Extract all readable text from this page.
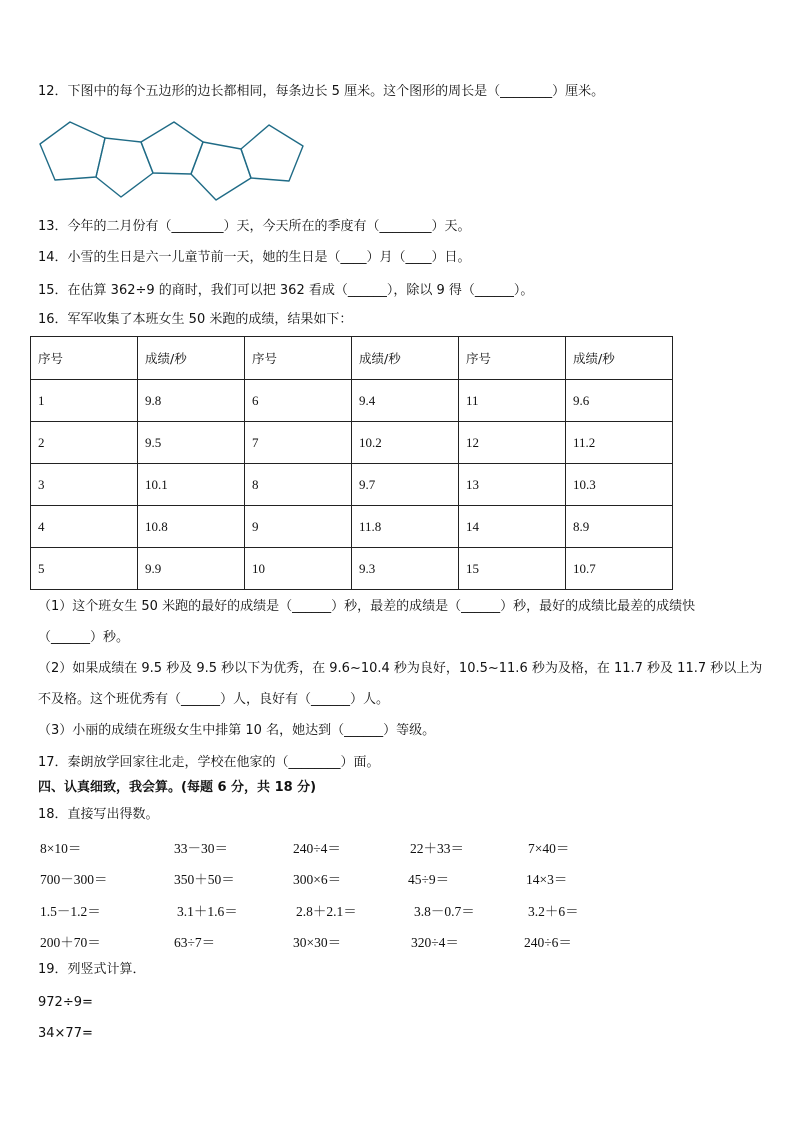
12．下图中的每个五边形的边长都相同，每条边长 5 厘米。这个图形的周长是（________）厘米。
13．今年的二月份有（________）天，今天所在的季度有（________）天。
14．小雪的生日是六一儿童节前一天，她的生日是（____）月（____）日。
15．在估算 362÷9 的商时，我们可以把 362 看成（______），除以 9 得（______）。
16．军军收集了本班女生 50 米跑的成绩，结果如下：
序号	成绩/秒	序号	成绩/秒	序号	成绩/秒
1	9.8	6	9.4	11	9.6
2	9.5	7	10.2	12	11.2
3	10.1	8	9.7	13	10.3
4	10.8	9	11.8	14	8.9
5	9.9	10	9.3	15	10.7
（1）这个班女生 50 米跑的最好的成绩是（______）秒，最差的成绩是（______）秒，最好的成绩比最差的成绩快
（______）秒。
（2）如果成绩在 9.5 秒及 9.5 秒以下为优秀，在 9.6~10.4 秒为良好，10.5~11.6 秒为及格，在 11.7 秒及 11.7 秒以上为
不及格。这个班优秀有（______）人，良好有（______）人。
（3）小丽的成绩在班级女生中排第 10 名，她达到（______）等级。
17．秦朗放学回家往北走，学校在他家的（________）面。
四、认真细致，我会算。(每题 6 分，共 18 分)
18．直接写出得数。
8×10＝	33－30＝	240÷4＝	22＋33＝	7×40＝
700－300＝	350＋50＝	300×6＝	45÷9＝	14×3＝
1.5－1.2＝	3.1＋1.6＝	2.8＋2.1＝	3.8－0.7＝	3.2＋6＝
200＋70＝	63÷7＝	30×30＝	320÷4＝	240÷6＝
19．列竖式计算．
972÷9=
34×77=
